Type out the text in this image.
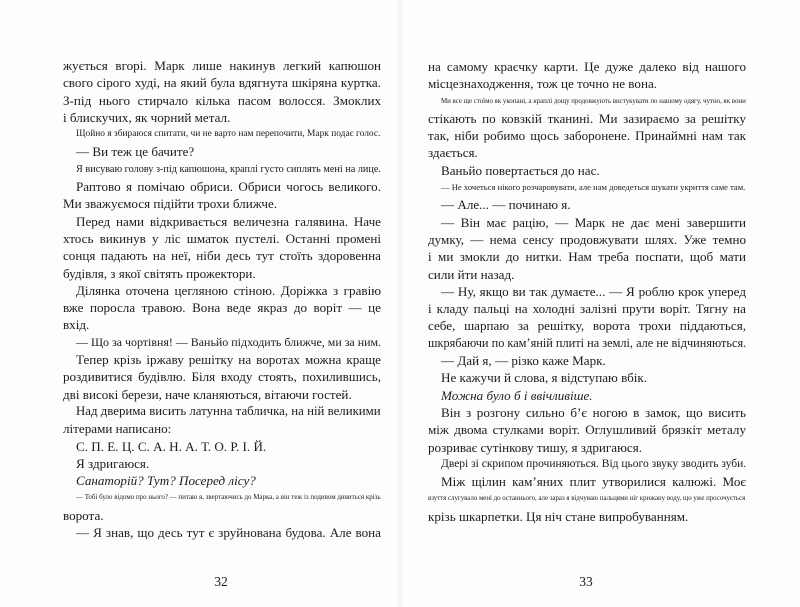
жується вгорі. Марк лише накинув легкий капюшон
свого сірого худі, на який була вдягнута шкіряна куртка.
З-під нього стирчало кілька пасом волосся. Змоклих
і блискучих, як чорний метал.
Щойно я збираюся спитати, чи не варто нам перепочити, Марк подає голос.
— Ви теж це бачите?
Я висуваю голову з-під капюшона, краплі густо сиплять мені на лице.
Раптово я помічаю обриси. Обриси чогось великого.
Ми зважуємося підійти трохи ближче.
Перед нами відкривається величезна галявина. Наче
хтось викинув у ліс шматок пустелі. Останні промені
сонця падають на неї, ніби десь тут стоїть здоровенна
будівля, з якої світять прожектори.
Ділянка оточена цегляною стіною. Доріжка з гравію
вже поросла травою. Вона веде якраз до воріт — це
вхід.
— Що за чортівня! — Ваньйо підходить ближче, ми за ним.
Тепер крізь іржаву решітку на воротах можна краще
роздивитися будівлю. Біля входу стоять, похилившись,
дві високі берези, наче кланяються, вітаючи гостей.
Над дверима висить латунна табличка, на ній великими
літерами написано:
С. П. Е. Ц. С. А. Н. А. Т. О. Р. І. Й.
Я здригаюся.
Санаторій? Тут? Посеред лісу?
— Тобі було відомо про нього? — питаю я, звертаючись до Марка, а він теж із подивом дивиться крізь
ворота.
— Я знав, що десь тут є зруйнована будова. Але вона
на самому краєчку карти. Це дуже далеко від нашого
місцезнаходження, тож це точно не вона.
Ми все ще стоїмо як укопані, а краплі дощу продовжують вистукувати по нашому одягу, чутно, як вони
стікають по ковзкій тканині. Ми зазираємо за решітку
так, ніби робимо щось заборонене. Принаймні нам так
здається.
Ваньйо повертається до нас.
— Не хочеться нікого розчаровувати, але нам доведеться шукати укриття саме там.
— Але... — починаю я.
— Він має рацію, — Марк не дає мені завершити
думку, — нема сенсу продовжувати шлях. Уже темно
і ми змокли до нитки. Нам треба поспати, щоб мати
сили йти назад.
— Ну, якщо ви так думаєте... — Я роблю крок уперед
і кладу пальці на холодні залізні прути воріт. Тягну на
себе, шарпаю за решітку, ворота трохи піддаються,
шкрябаючи по кам’яній плиті на землі, але не відчиняються.
— Дай я, — різко каже Марк.
Не кажучи й слова, я відступаю вбік.
Можна було б і ввічливіше.
Він з розгону сильно б’є ногою в замок, що висить
між двома стулками воріт. Оглушливий брязкіт металу
розриває сутінкову тишу, я здригаюся.
Двері зі скрипом прочиняються. Від цього звуку зводить зуби.
Між щілин кам’яних плит утворилися калюжі. Моє
взуття слугувало мені до останнього, але зараз я відчуваю пальцями ніг крижану воду, що уже просочується
крізь шкарпетки. Ця ніч стане випробуванням.
32	33
